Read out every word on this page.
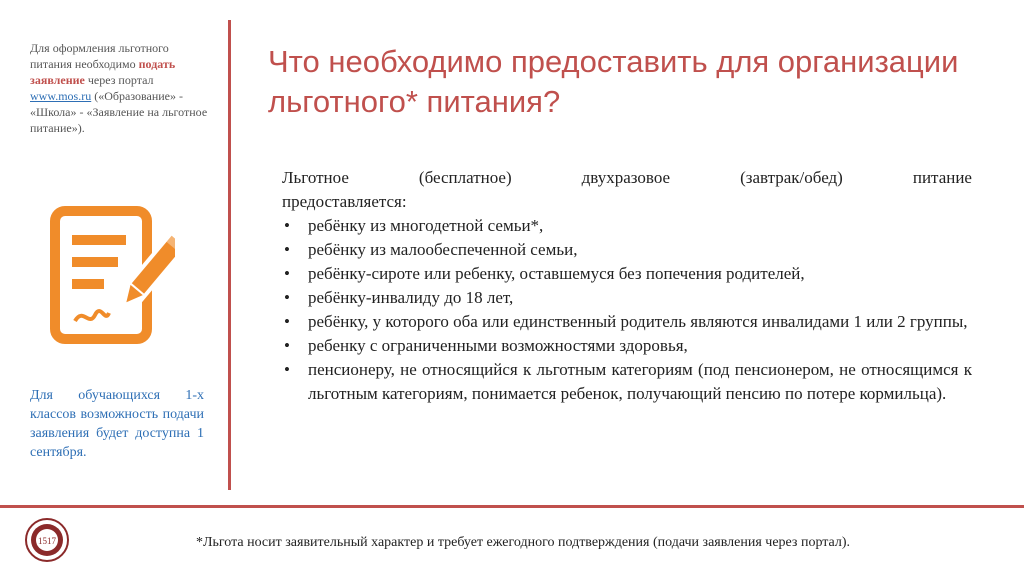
Для оформления льготного питания необходимо подать заявление через портал www.mos.ru («Образование» - «Школа» - «Заявление на льготное питание»).
Для обучающихся 1-х классов возможность подачи заявления будет доступна 1 сентября.
Что необходимо предоставить для организации льготного* питания?
Льготное	(бесплатное)	двухразовое	(завтрак/обед)	питание
предоставляется:
• ребёнку из многодетной семьи*,
• ребёнку из малообеспеченной семьи,
• ребёнку-сироте или ребенку, оставшемуся без попечения родителей,
• ребёнку-инвалиду до 18 лет,
• ребёнку, у которого оба или единственный родитель являются инвалидами 1 или 2 группы,
• ребенку с ограниченными возможностями здоровья,
• пенсионеру, не относящийся к льготным категориям (под пенсионером, не относящимся к льготным категориям, понимается ребенок, получающий пенсию по потере кормильца).
1517	*Льгота носит заявительный характер и требует ежегодного подтверждения (подачи заявления через портал).
